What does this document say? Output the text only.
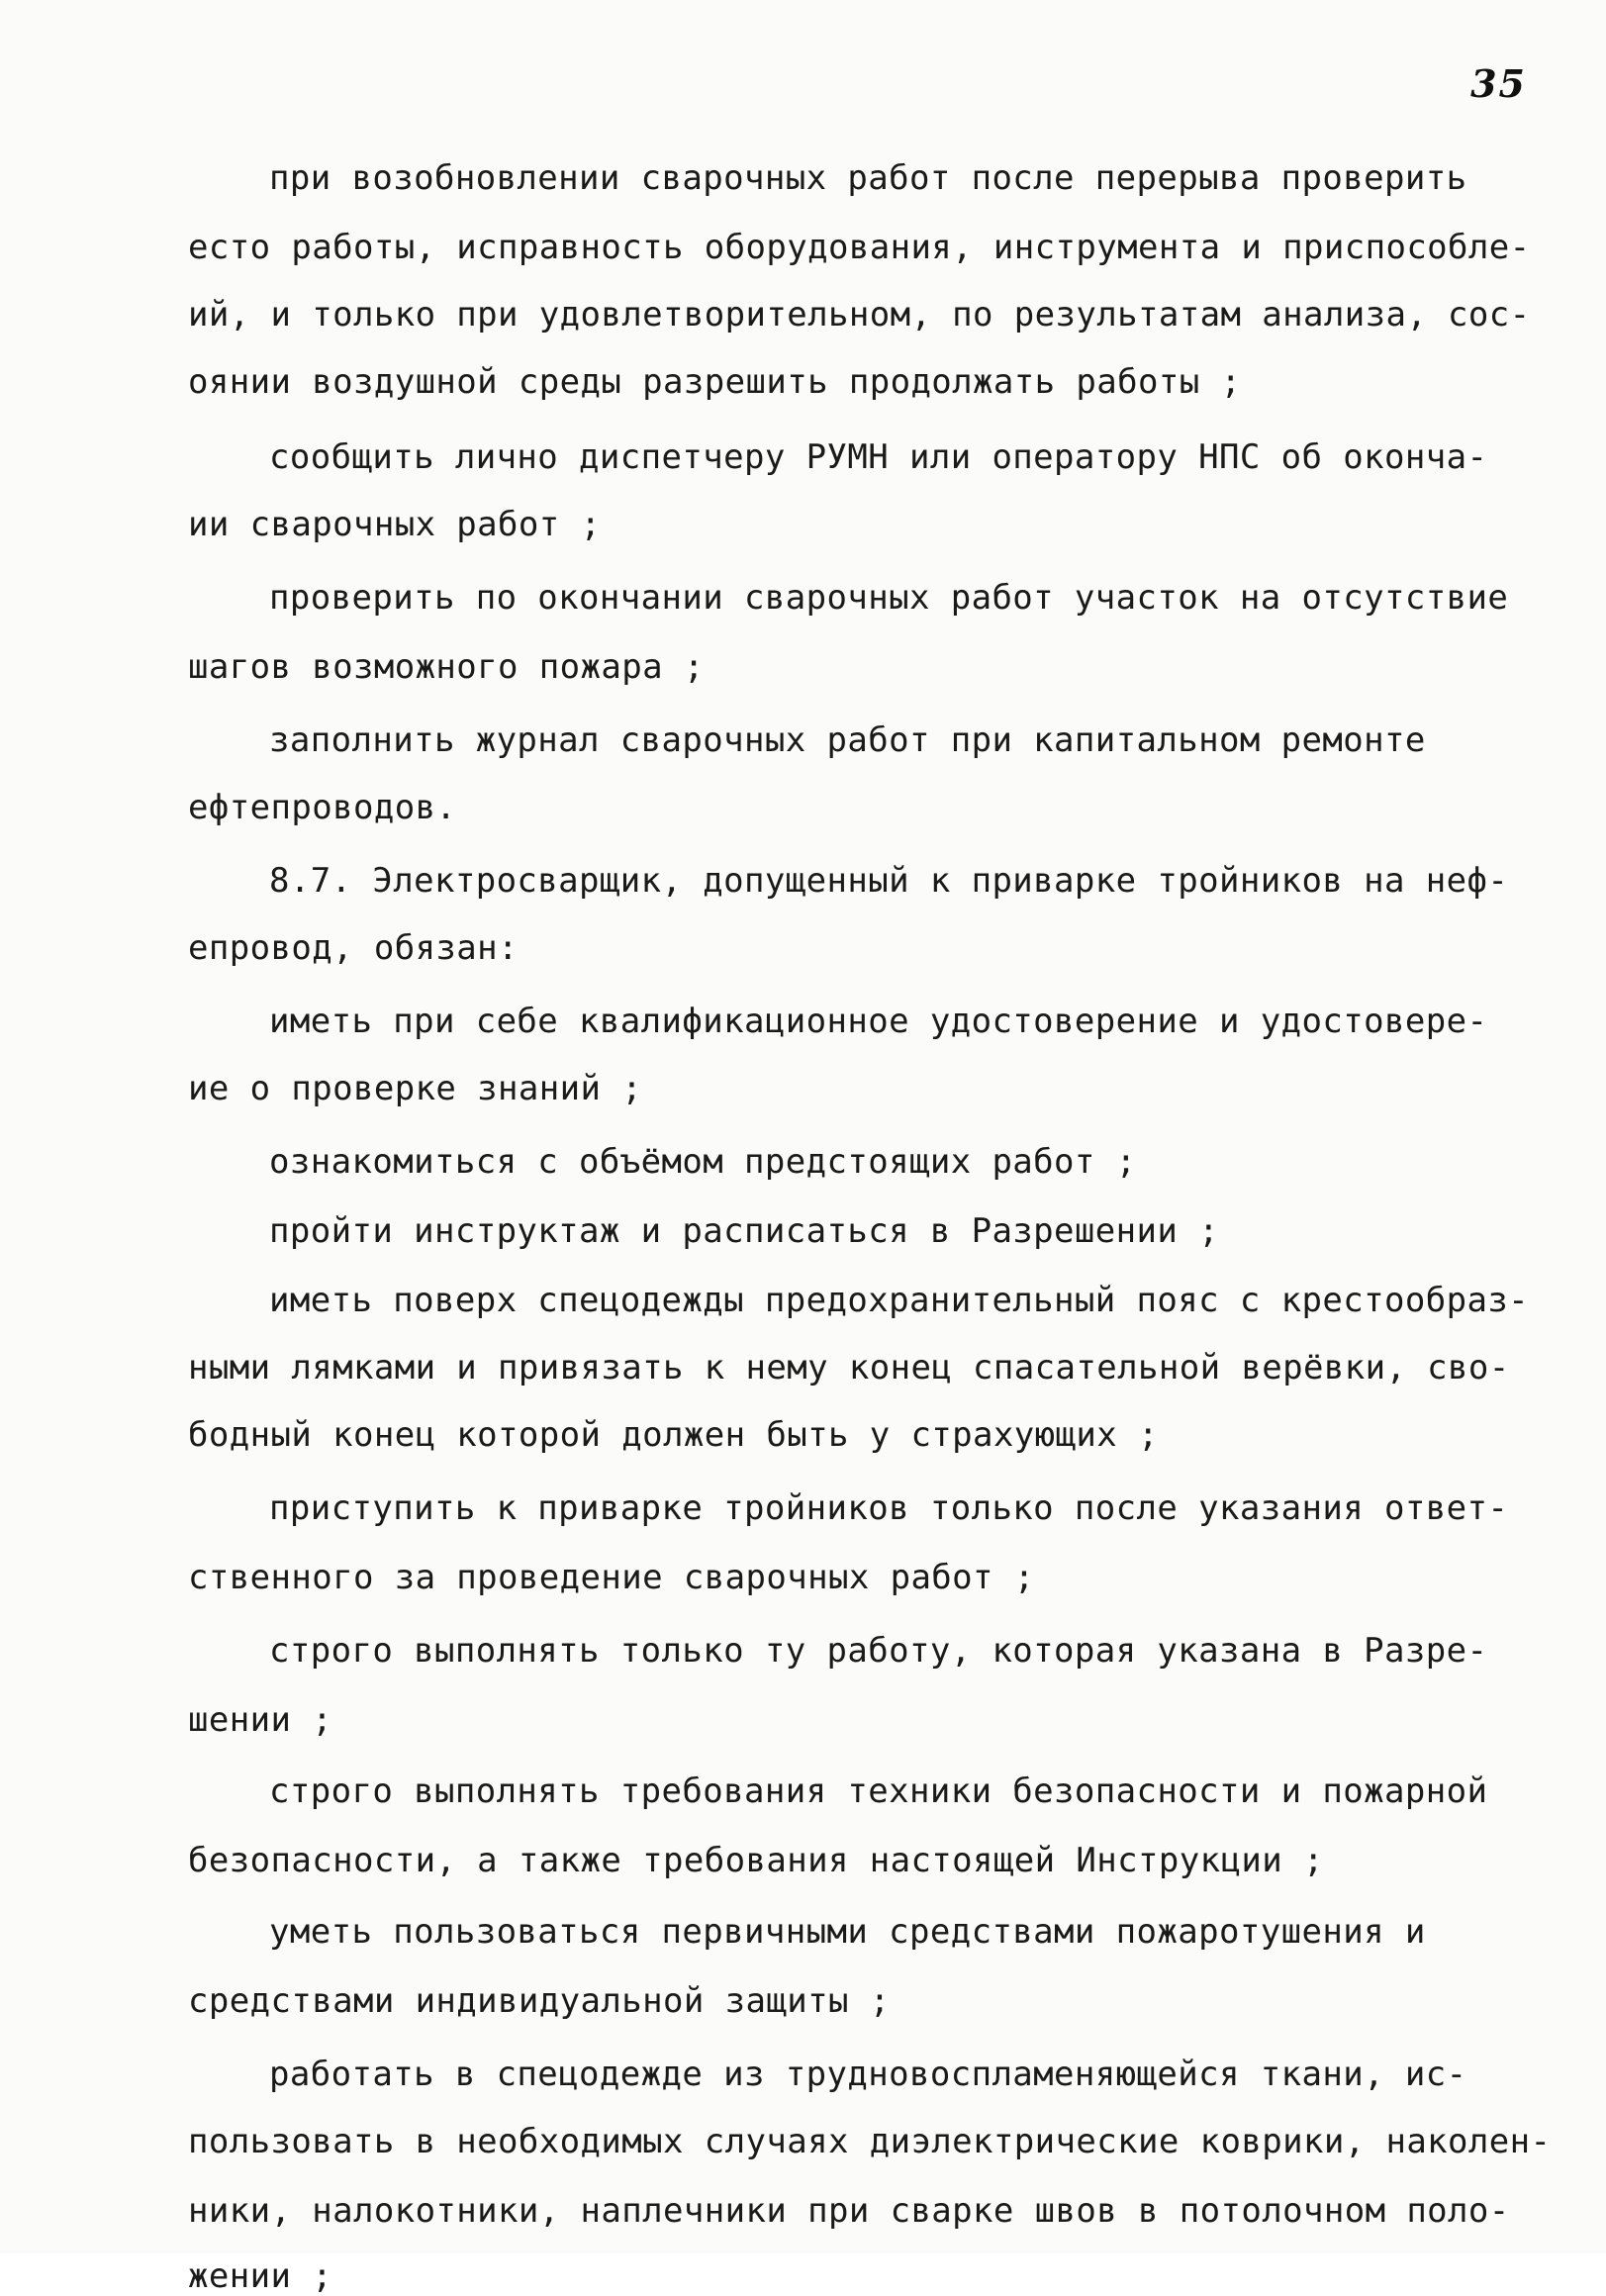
35
при возобновлении сварочных работ после перерыва проверить
есто работы, исправность оборудования, инструмента и приспособле-
ий, и только при удовлетворительном, по результатам анализа, сос-
оянии воздушной среды разрешить продолжать работы ;
сообщить лично диспетчеру РУМН или оператору НПС об оконча-
ии сварочных работ ;
проверить по окончании сварочных работ участок на отсутствие
шагов возможного пожара ;
заполнить журнал сварочных работ при капитальном ремонте
ефтепроводов.
8.7. Электросварщик, допущенный к приварке тройников на неф-
епровод, обязан:
иметь при себе квалификационное удостоверение и удостовере-
ие о проверке знаний ;
ознакомиться с объёмом предстоящих работ ;
пройти инструктаж и расписаться в Разрешении ;
иметь поверх спецодежды предохранительный пояс с крестообраз-
ными лямками и привязать к нему конец спасательной верёвки, сво-
бодный конец которой должен быть у страхующих ;
приступить к приварке тройников только после указания ответ-
ственного за проведение сварочных работ ;
строго выполнять только ту работу, которая указана в Разре-
шении ;
строго выполнять требования техники безопасности и пожарной
безопасности, а также требования настоящей Инструкции ;
уметь пользоваться первичными средствами пожаротушения и
средствами индивидуальной защиты ;
работать в спецодежде из трудновоспламеняющейся ткани, ис-
пользовать в необходимых случаях диэлектрические коврики, наколен-
ники, налокотники, наплечники при сварке швов в потолочном поло-
жении ;
